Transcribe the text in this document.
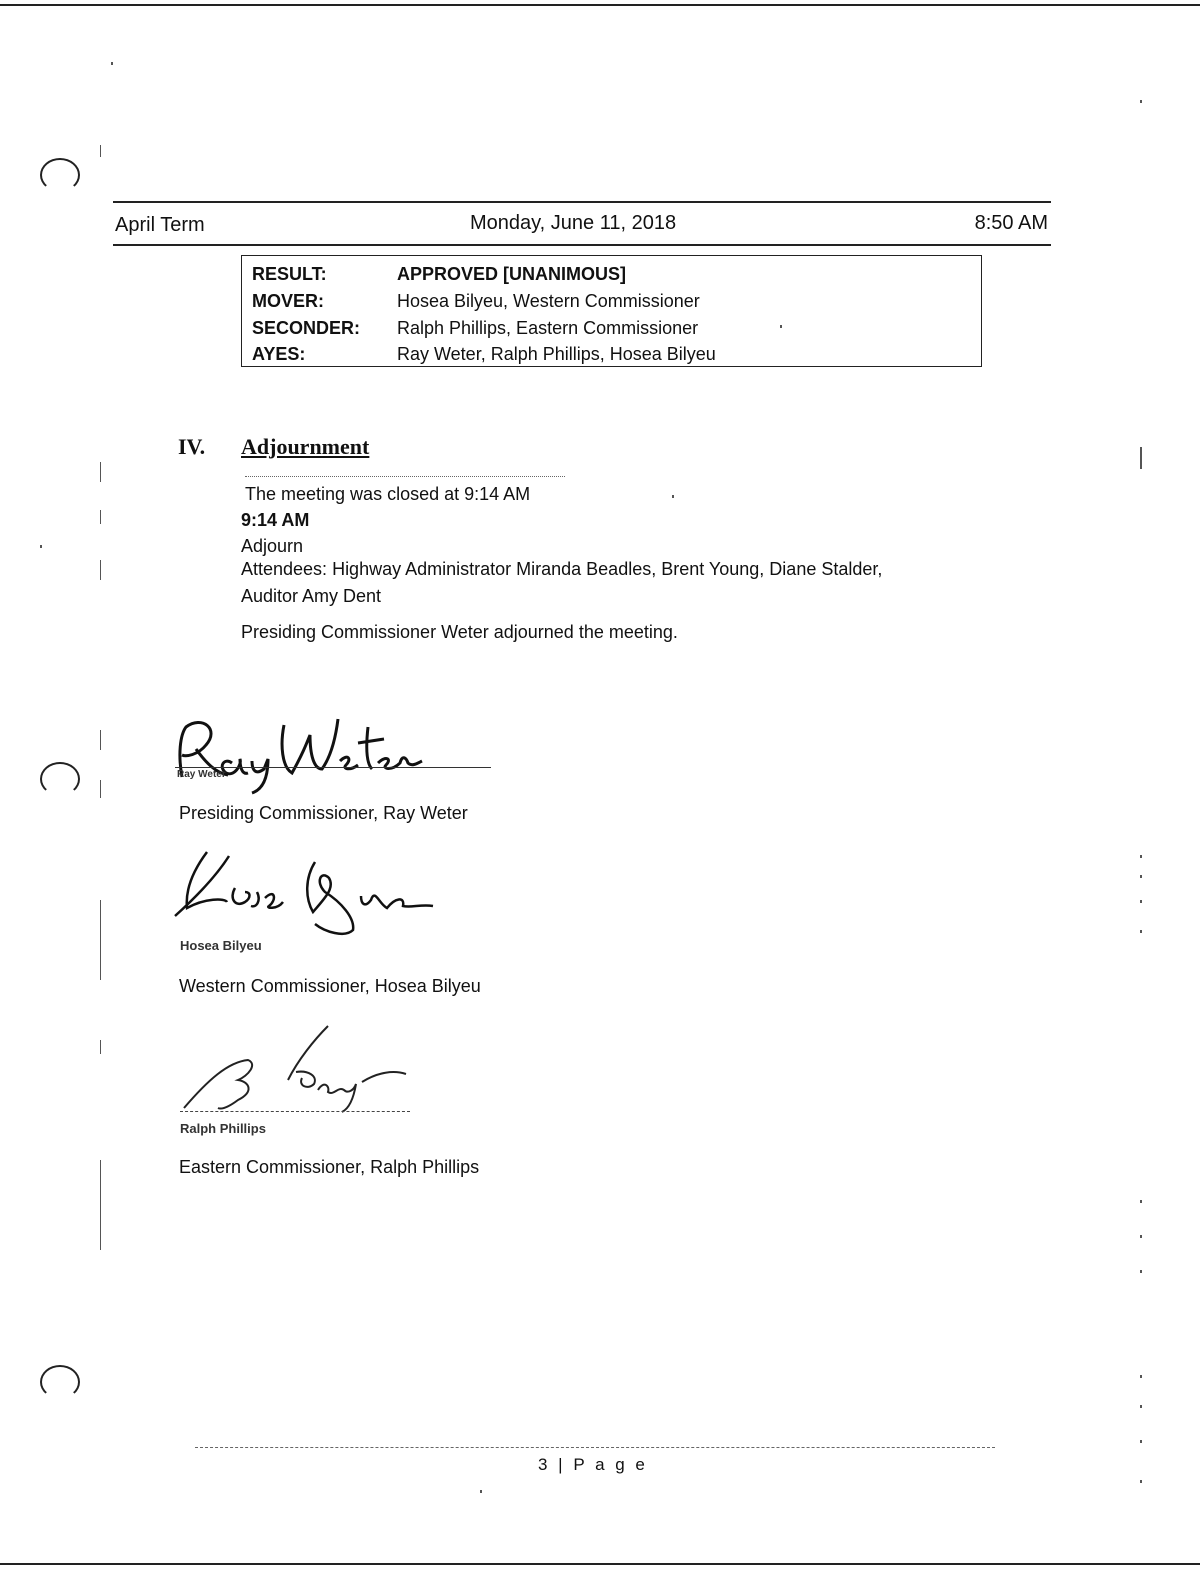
April Term	Monday, June 11, 2018	8:50 AM
RESULT:	APPROVED [UNANIMOUS]
MOVER:	Hosea Bilyeu, Western Commissioner
SECONDER: Ralph Phillips, Eastern Commissioner
AYES:	Ray Weter, Ralph Phillips, Hosea Bilyeu
IV. Adjournment
The meeting was closed at 9:14 AM
9:14 AM
Adjourn
Attendees: Highway Administrator Miranda Beadles, Brent Young, Diane Stalder,
Auditor Amy Dent
Presiding Commissioner Weter adjourned the meeting.
Ray Weter
Presiding Commissioner, Ray Weter
Hosea Bilyeu
Western Commissioner, Hosea Bilyeu
Ralph Phillips
Eastern Commissioner, Ralph Phillips
3 | P a g e
